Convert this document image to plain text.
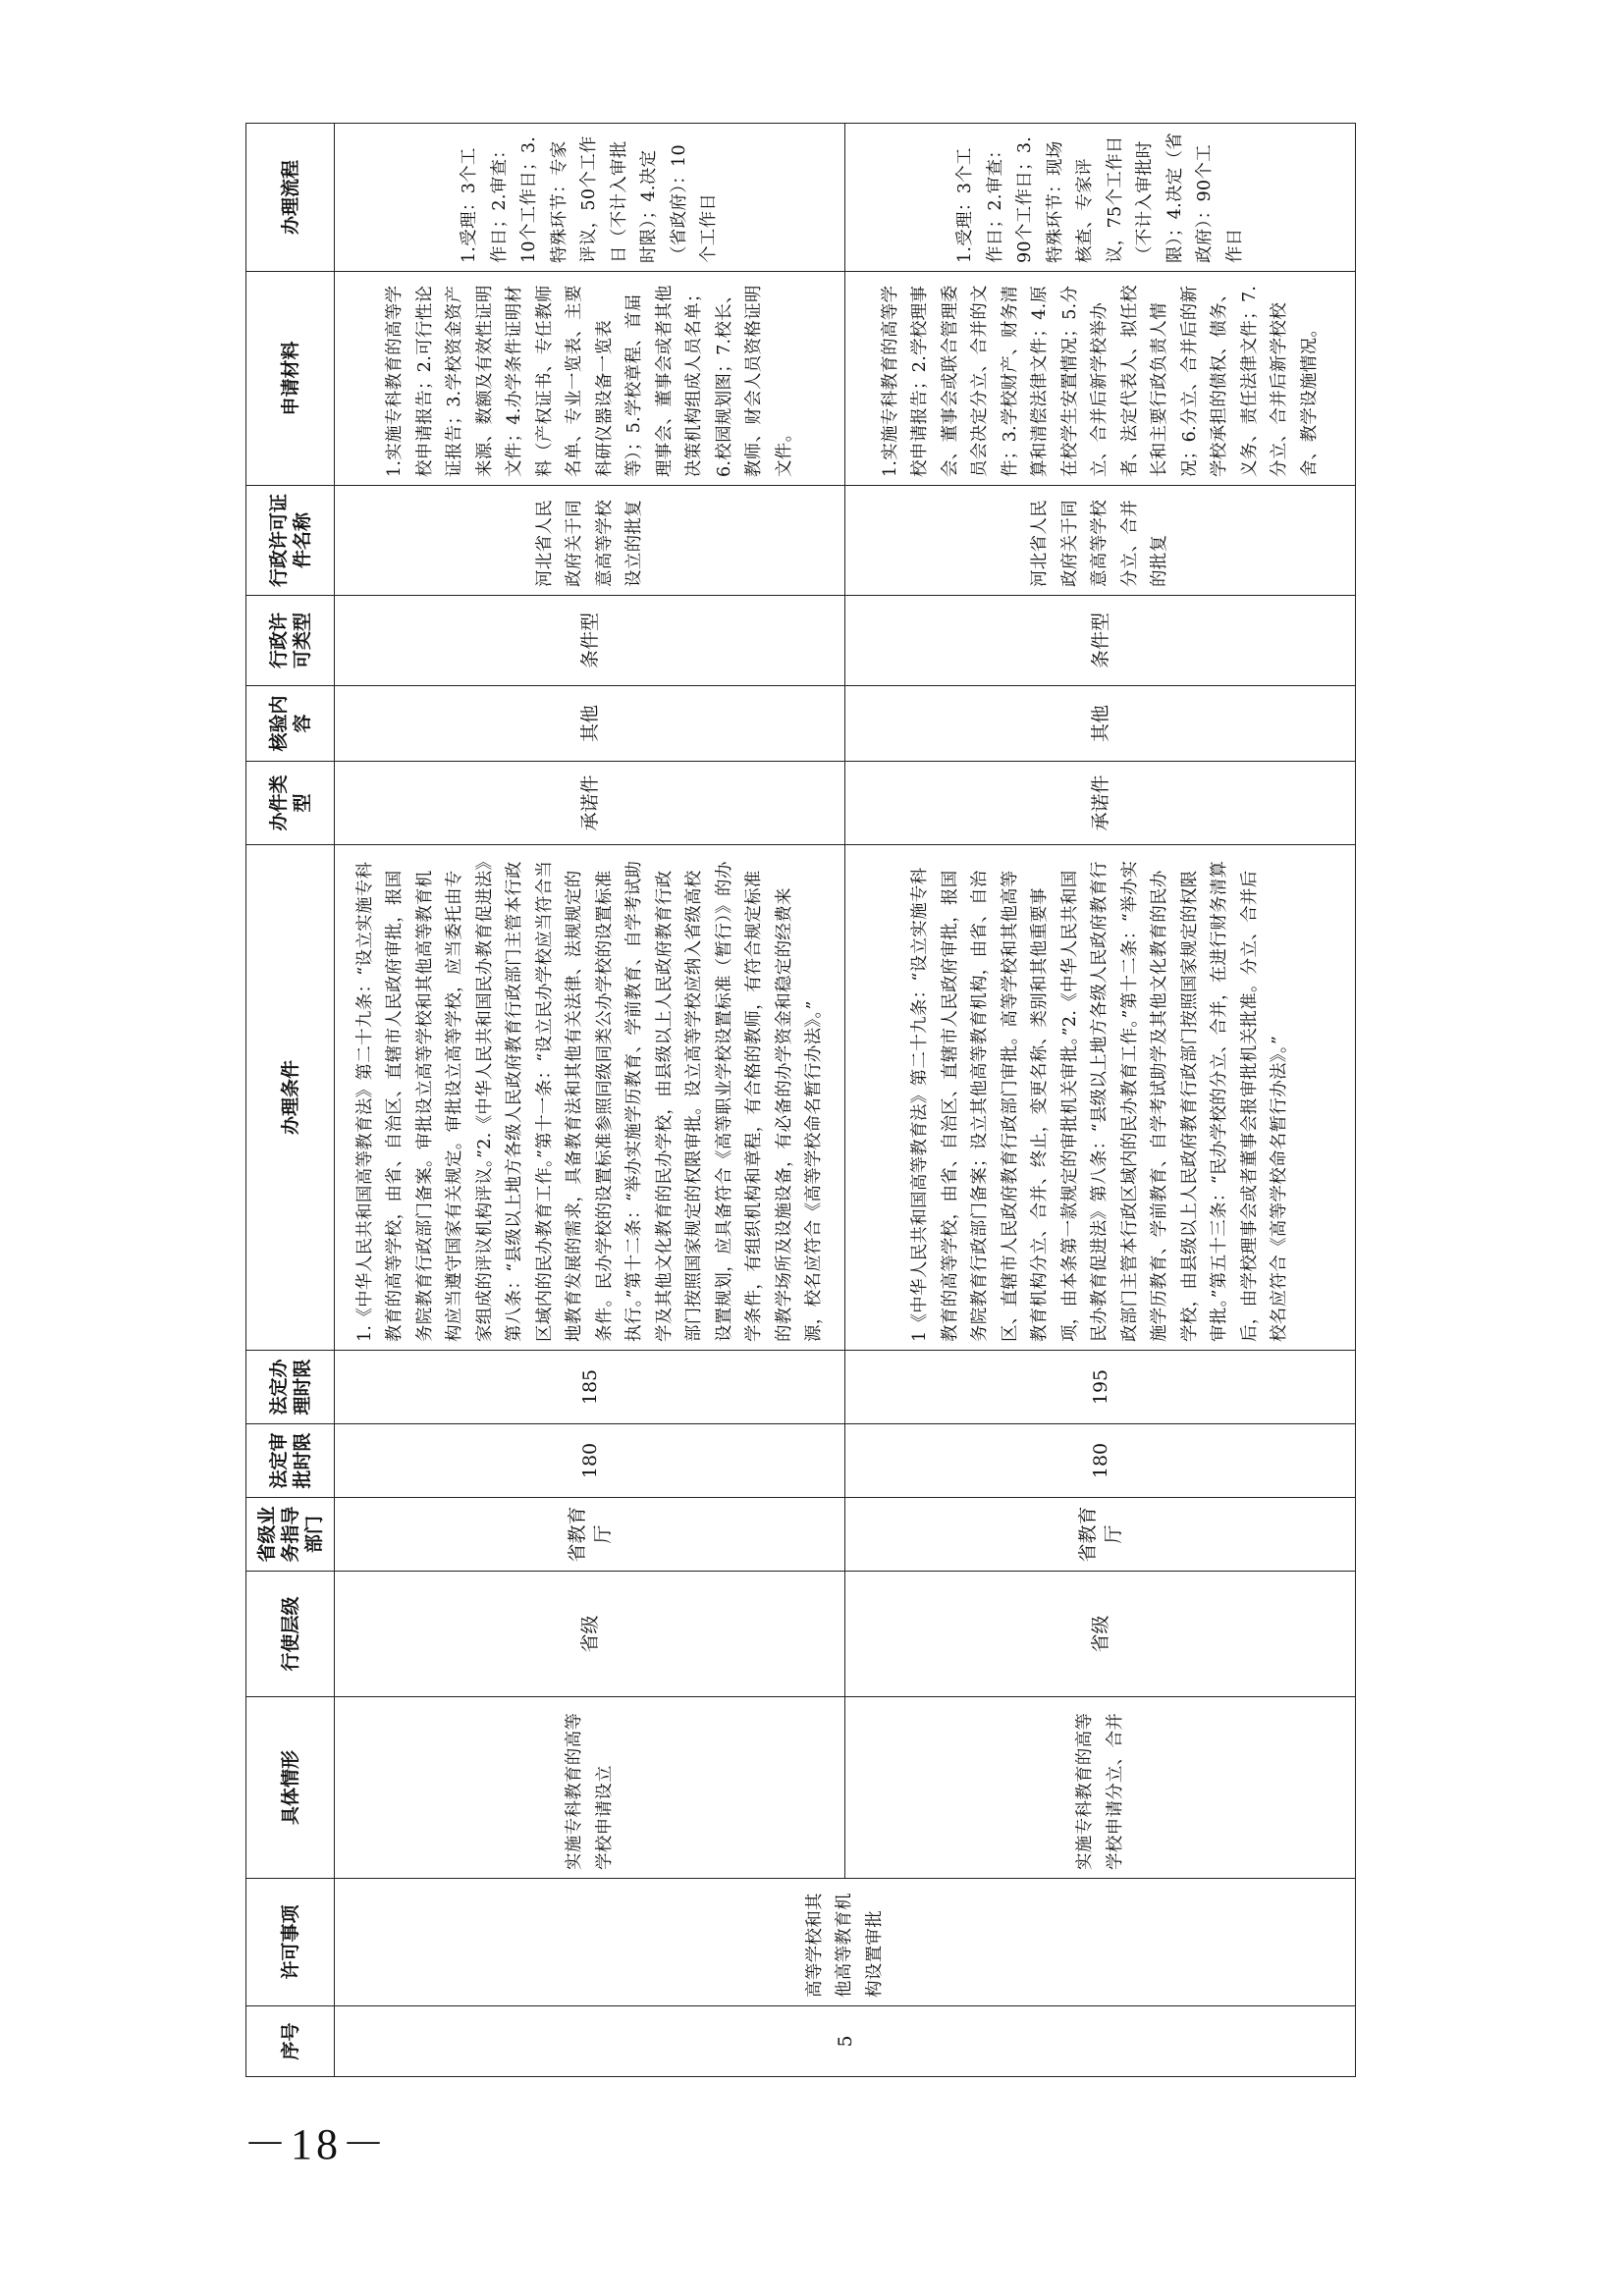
－18－
序号	许可事项	具体情形	行使层级	省级业务指导部门	法定审批时限	法定办理时限	办理条件	办件类型	核验内容	行政许可类型	行政许可证件名称	申请材料	办理流程
5	高等学校和其他高等教育机构设置审批	实施专科教育的高等学校申请设立	省级	省教育厅	180	185	1.《中华人民共和国高等教育法》第二十九条：“设立实施专科教育的高等学校，由省、自治区、直辖市人民政府审批，报国务院教育行政部门备案。审批设立高等学校和其他高等教育机构应当遵守国家有关规定。审批设立高等学校，应当委托由专家组成的评议机构评议。”2.《中华人民共和国民办教育促进法》第八条：“县级以上地方各级人民政府教育行政部门主管本行政区域内的民办教育工作。”第十一条：“设立民办学校应当符合当地教育发展的需求，具备教育法和其他有关法律、法规规定的条件。民办学校的设置标准参照同级同类公办学校的设置标准执行。”第十二条：“举办实施学历教育、学前教育、自学考试助学及其他文化教育的民办学校，由县级以上人民政府教育行政部门按照国家规定的权限审批。设立高等学校应纳入省级高校设置规划，应具备符合《高等职业学校设置标准（暂行）》的办学条件，有组织机构和章程，有合格的教师，有符合规定标准的教学场所及设施设备，有必备的办学资金和稳定的经费来源，校名应符合《高等学校命名暂行办法》。”	承诺件	其他	条件型	河北省人民政府关于同意高等学校设立的批复	1.实施专科教育的高等学校申请报告；2.可行性论证报告；3.学校资金资产来源、数额及有效性证明文件；4.办学条件证明材料（产权证书、专任教师名单、专业一览表、主要科研仪器设备一览表等）；5.学校章程、首届理事会、董事会或者其他决策机构组成人员名单；6.校园规划图；7.校长、教师、财会人员资格证明文件。	1.受理：3个工作日；2.审查：10个工作日；3.特殊环节：专家评议，50个工作日（不计入审批时限）；4.决定（省政府）：10个工作日
		实施专科教育的高等学校申请分立、合并	省级	省教育厅	180	195	1《中华人民共和国高等教育法》第二十九条：“设立实施专科教育的高等学校，由省、自治区、直辖市人民政府审批，报国务院教育行政部门备案；设立其他高等教育机构，由省、自治区、直辖市人民政府教育行政部门审批。高等学校和其他高等教育机构分立、合并、终止，变更名称、类别和其他重要事项，由本条第一款规定的审批机关审批。”2.《中华人民共和国民办教育促进法》第八条：“县级以上地方各级人民政府教育行政部门主管本行政区域内的民办教育工作。”第十二条：“举办实施学历教育、学前教育、自学考试助学及其他文化教育的民办学校，由县级以上人民政府教育行政部门按照国家规定的权限审批。”第五十三条：“民办学校的分立、合并，在进行财务清算后，由学校理事会或者董事会报审批机关批准。分立、合并后校名应符合《高等学校命名暂行办法》。”	承诺件	其他	条件型	河北省人民政府关于同意高等学校分立、合并的批复	1.实施专科教育的高等学校申请报告；2.学校理事会、董事会或联合管理委员会决定分立、合并的文件；3.学校财产、财务清算和清偿法律文件；4.原在校学生安置情况；5.分立、合并后新学校举办者、法定代表人、拟任校长和主要行政负责人情况；6.分立、合并后的新学校承担的债权、债务、义务、责任法律文件；7.分立、合并后新学校校舍、教学设施情况。	1.受理：3个工作日；2.审查：90个工作日；3.特殊环节：现场核查、专家评议，75个工作日（不计入审批时限）；4.决定（省政府）：90个工作日
